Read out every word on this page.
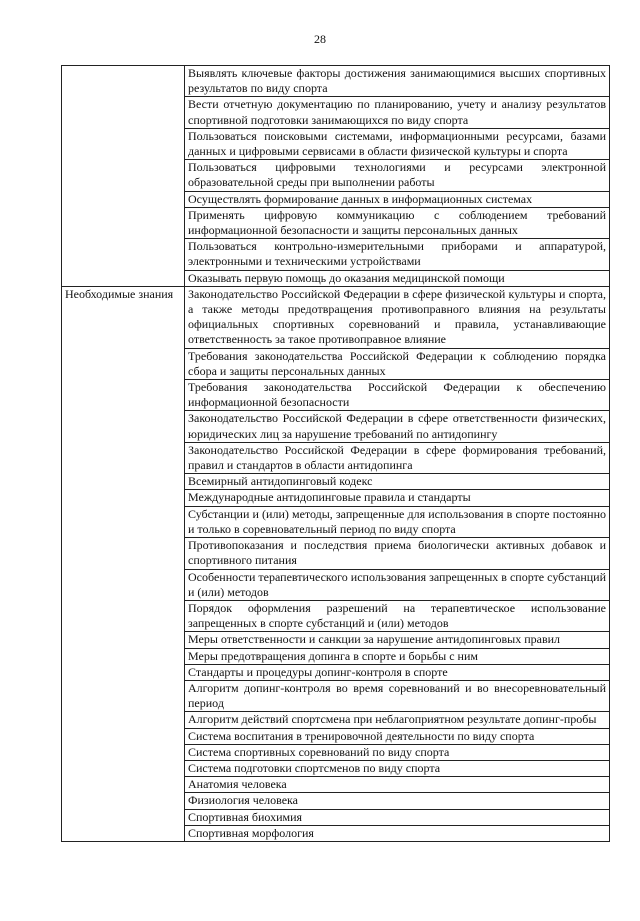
28
	Выявлять ключевые факторы достижения занимающимися высших спортивных результатов по виду спорта
	Вести отчетную документацию по планированию, учету и анализу результатов спортивной подготовки занимающихся по виду спорта
	Пользоваться поисковыми системами, информационными ресурсами, базами данных и цифровыми сервисами в области физической культуры и спорта
	Пользоваться цифровыми технологиями и ресурсами электронной образовательной среды при выполнении работы
	Осуществлять формирование данных в информационных системах
	Применять цифровую коммуникацию с соблюдением требований информационной безопасности и защиты персональных данных
	Пользоваться контрольно-измерительными приборами и аппаратурой, электронными и техническими устройствами
	Оказывать первую помощь до оказания медицинской помощи

Необходимые знания	Законодательство Российской Федерации в сфере физической культуры и спорта, а также методы предотвращения противоправного влияния на результаты официальных спортивных соревнований и правила, устанавливающие ответственность за такое противоправное влияние
	Требования законодательства Российской Федерации к соблюдению порядка сбора и защиты персональных данных
	Требования законодательства Российской Федерации к обеспечению информационной безопасности
	Законодательство Российской Федерации в сфере ответственности физических, юридических лиц за нарушение требований по антидопингу
	Законодательство Российской Федерации в сфере формирования требований, правил и стандартов в области антидопинга
	Всемирный антидопинговый кодекс
	Международные антидопинговые правила и стандарты
	Субстанции и (или) методы, запрещенные для использования в спорте постоянно и только в соревновательный период по виду спорта
	Противопоказания и последствия приема биологически активных добавок и спортивного питания
	Особенности терапевтического использования запрещенных в спорте субстанций и (или) методов
	Порядок оформления разрешений на терапевтическое использование запрещенных в спорте субстанций и (или) методов
	Меры ответственности и санкции за нарушение антидопинговых правил
	Меры предотвращения допинга в спорте и борьбы с ним
	Стандарты и процедуры допинг-контроля в спорте
	Алгоритм допинг-контроля во время соревнований и во внесоревновательный период
	Алгоритм действий спортсмена при неблагоприятном результате допинг-пробы
	Система воспитания в тренировочной деятельности по виду спорта
	Система спортивных соревнований по виду спорта
	Система подготовки спортсменов по виду спорта
	Анатомия человека
	Физиология человека
	Спортивная биохимия
	Спортивная морфология
